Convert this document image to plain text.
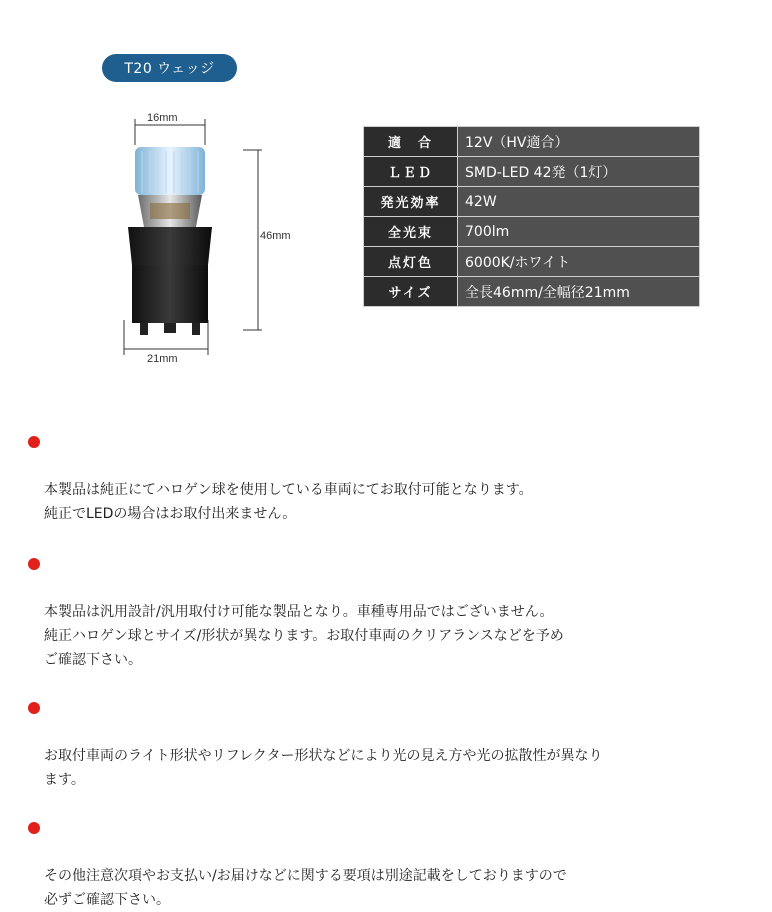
T20 ウェッジ
16mm
46mm
21mm
適　合	12V（HV適合）
ＬＥＤ	SMD-LED 42発（1灯）
発光効率	42W
全光束	700lm
点灯色	6000K/ホワイト
サイズ	全長46mm/全幅径21mm

本製品は純正にてハロゲン球を使用している車両にてお取付可能となります。
純正でLEDの場合はお取付出来ません。

本製品は汎用設計/汎用取付け可能な製品となり。車種専用品ではございません。
純正ハロゲン球とサイズ/形状が異なります。お取付車両のクリアランスなどを予め
ご確認下さい。

お取付車両のライト形状やリフレクター形状などにより光の見え方や光の拡散性が異なり
ます。

その他注意次項やお支払い/お届けなどに関する要項は別途記載をしておりますので
必ずご確認下さい。
